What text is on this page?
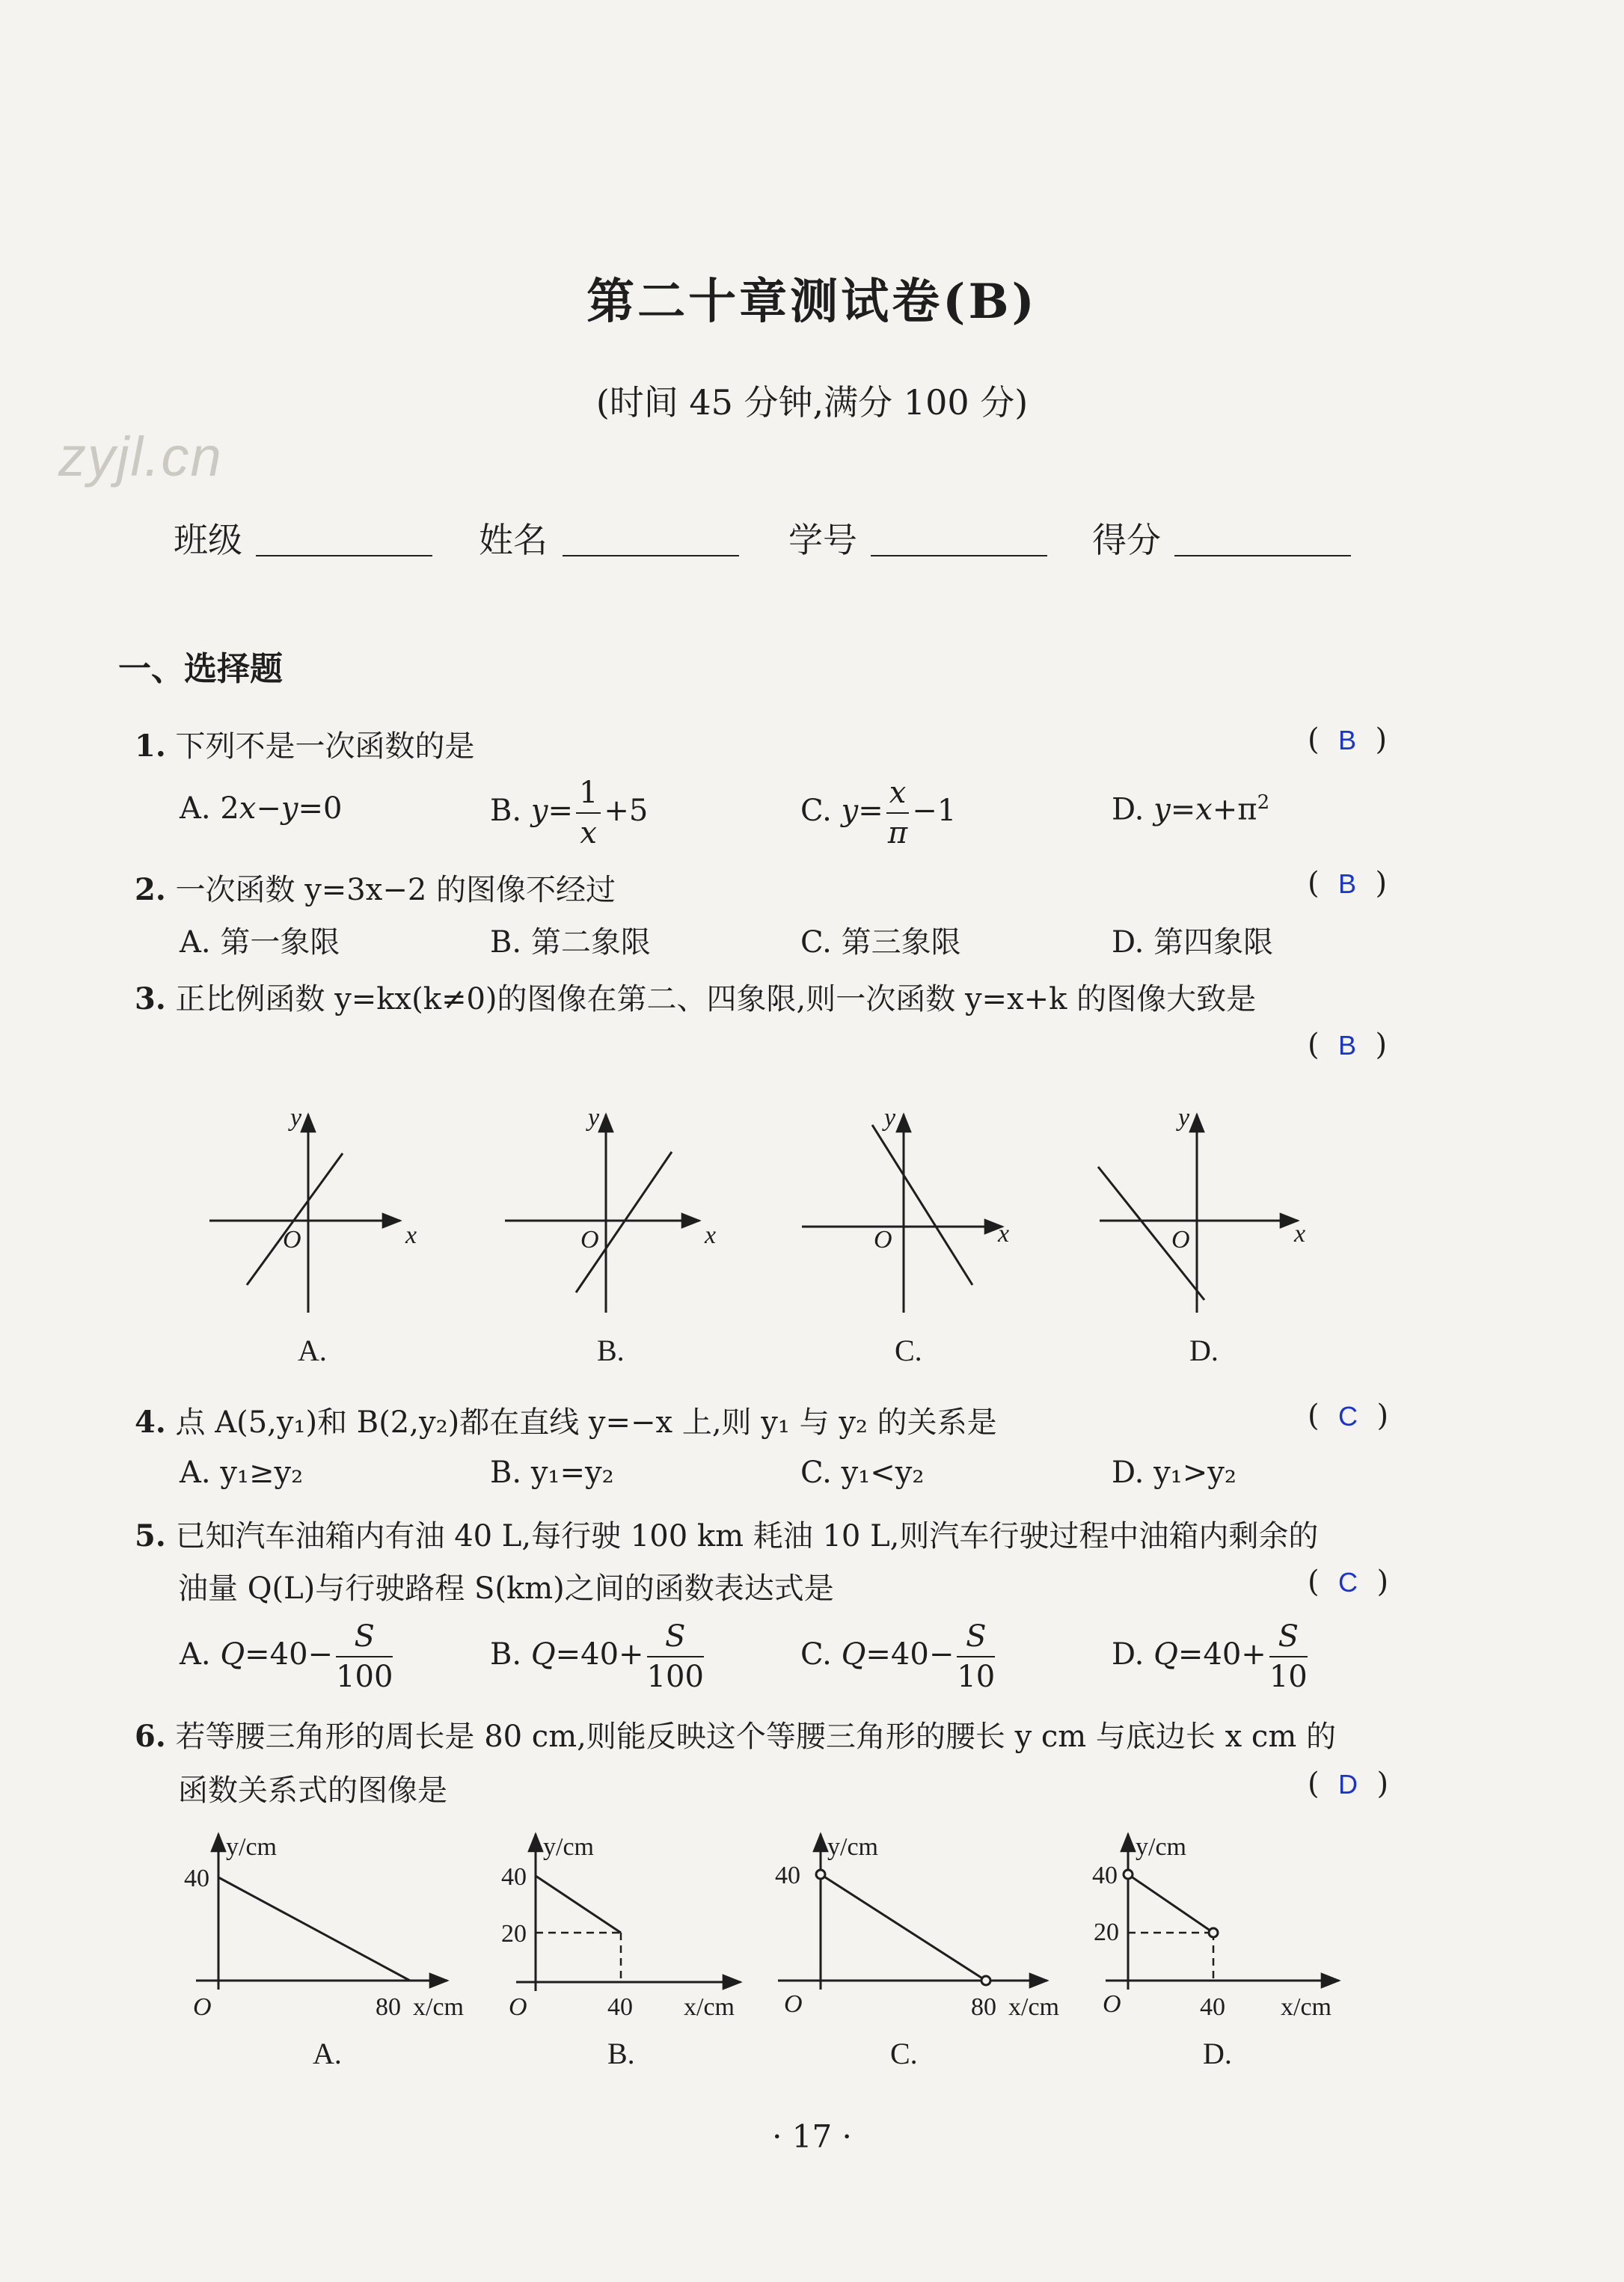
zyjl.cn
第二十章测试卷(B)
(时间 45 分钟,满分 100 分)
班级	姓名	学号	得分
一、选择题
1. 下列不是一次函数的是	(  B  )
A. 2x−y=0	B. $y= \frac{1}{x} +5$	C. $y= \frac{x}{\pi} -1$	D. $y=x+\pi^2$
2. 一次函数 y=3x−2 的图像不经过	(  B  )
A. 第一象限	B. 第二象限	C. 第三象限	D. 第四象限
3. 正比例函数 y=kx(k≠0)的图像在第二、四象限,则一次函数 y=x+k 的图像大致是
(  B  )
y
x
O
y
x
O
y
x
O
y
x
O
A.	B.	C.	D.
4. 点 A(5,y₁)和 B(2,y₂)都在直线 y=−x 上,则 y₁ 与 y₂ 的关系是	(  C  )
A. y₁≥y₂	B. y₁=y₂	C. y₁<y₂	D. y₁>y₂
5. 已知汽车油箱内有油 40 L,每行驶 100 km 耗油 10 L,则汽车行驶过程中油箱内剩余的
油量 Q(L)与行驶路程 S(km)之间的函数表达式是	(  C  )
A. $Q=40- \frac{S}{100}$	B. $Q=40+ \frac{S}{100}$	C. $Q=40- \frac{S}{10}$	D. $Q=40+ \frac{S}{10}$
6. 若等腰三角形的周长是 80 cm,则能反映这个等腰三角形的腰长 y cm 与底边长 x cm 的
函数关系式的图像是	(  D  )
y/cm
40
O	80 x/cm
y/cm
40
20
O	40 x/cm
y/cm
40
O	80 x/cm
y/cm
40
20
O	40 x/cm
A.	B.	C.	D.
· 17 ·
